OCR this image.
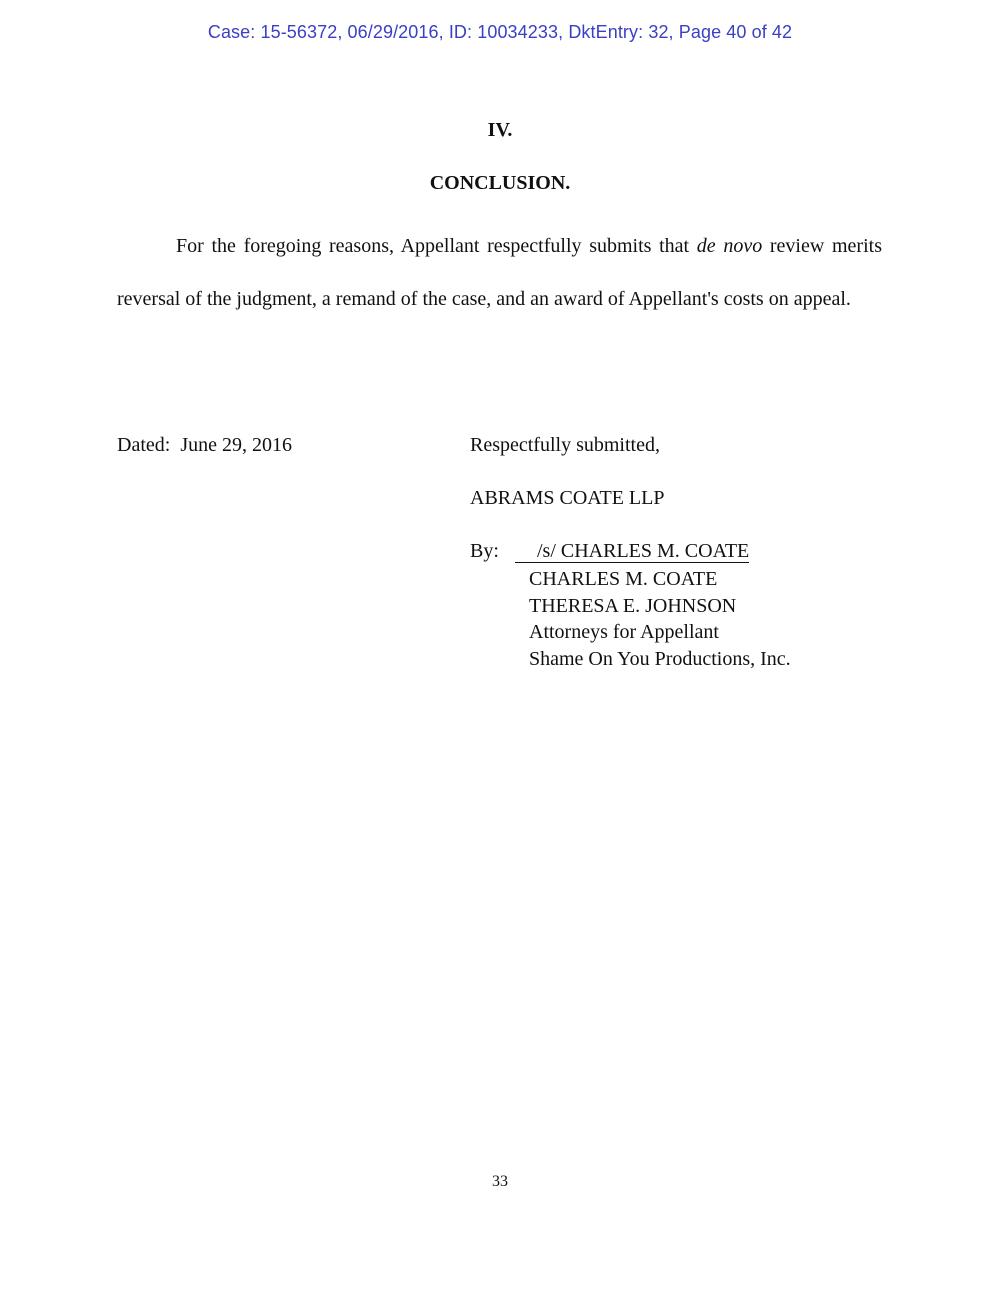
Case: 15-56372, 06/29/2016, ID: 10034233, DktEntry: 32, Page 40 of 42
IV.
CONCLUSION.

For the foregoing reasons, Appellant respectfully submits that de novo review merits reversal of the judgment, a remand of the case, and an award of Appellant's costs on appeal.

Dated: June 29, 2016	Respectfully submitted,
ABRAMS COATE LLP
By:	/s/ CHARLES M. COATE
CHARLES M. COATE
THERESA E. JOHNSON
Attorneys for Appellant
Shame On You Productions, Inc.
33
